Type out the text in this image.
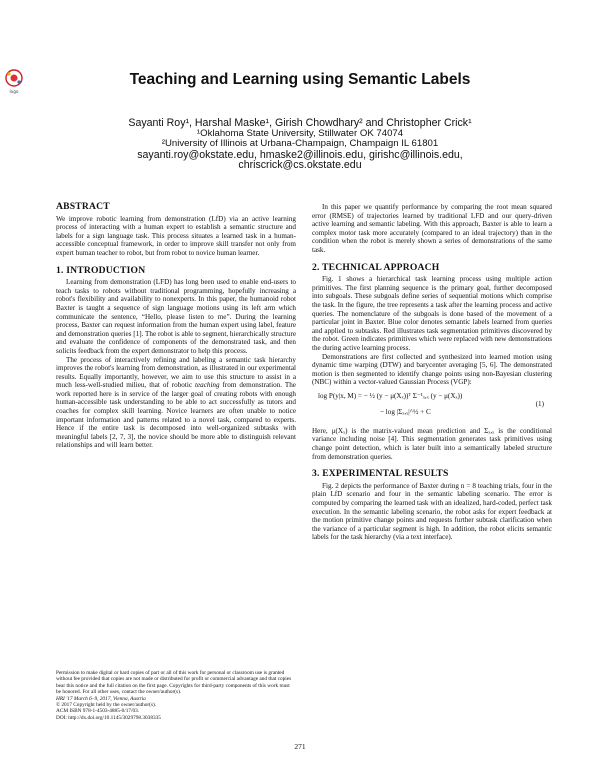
logo
Teaching and Learning using Semantic Labels
Sayanti Roy¹, Harshal Maske¹, Girish Chowdhary² and Christopher Crick¹
¹Oklahoma State University, Stillwater OK 74074
²University of Illinois at Urbana-Champaign, Champaign IL 61801
sayanti.roy@okstate.edu, hmaske2@illinois.edu, girishc@illinois.edu,
chriscrick@cs.okstate.edu
ABSTRACT

We improve robotic learning from demonstration (LfD) via an active learning process of interacting with a human expert to establish a semantic structure and labels for a sign language task. This process situates a learned task in a human-accessible conceptual framework, in order to improve skill transfer not only from expert human teacher to robot, but from robot to novice human learner.

1. INTRODUCTION

Learning from demonstration (LFD) has long been used to enable end-users to teach tasks to robots without traditional programming, hopefully increasing a robot's flexibility and availability to nonexperts. In this paper, the humanoid robot Baxter is taught a sequence of sign language motions using its left arm which communicate the sentence, “Hello, please listen to me”. During the learning process, Baxter can request information from the human expert using label, feature and demonstration queries [1]. The robot is able to segment, hierarchically structure and evaluate the confidence of components of the demonstrated task, and then solicits feedback from the expert demonstrator to help this process.

The process of interactively refining and labeling a semantic task hierarchy improves the robot's learning from demonstration, as illustrated in our experimental results. Equally importantly, however, we aim to use this structure to assist in a much less-well-studied milieu, that of robotic teaching from demonstration. The work reported here is in service of the larger goal of creating robots with enough human-accessible task understanding to be able to act successfully as tutors and coaches for complex skill learning. Novice learners are often unable to notice important information and patterns related to a novel task, compared to experts. Hence if the entire task is decomposed into well-organized subtasks with meaningful labels [2, 7, 3], the novice should be more able to distinguish relevant relationships and will learn better.

Permission to make digital or hard copies of part or all of this work for personal or classroom use is granted without fee provided that copies are not made or distributed for profit or commercial advantage and that copies bear this notice and the full citation on the first page. Copyrights for third-party components of this work must be honored. For all other uses, contact the owner/author(s).

HRI '17 March 6–9, 2017, Vienna, Austria

© 2017 Copyright held by the owner/author(s).

ACM ISBN 978-1-4503-4885-0/17/03.

DOI: http://dx.doi.org/10.1145/3029798.3038335

In this paper we quantify performance by comparing the root mean squared error (RMSE) of trajectories learned by traditional LFD and our query-driven active learning and semantic labeling. With this approach, Baxter is able to learn a complex motor task more accurately (compared to an ideal trajectory) than in the condition when the robot is merely shown a series of demonstrations of the same task.

2. TECHNICAL APPROACH

Fig. 1 shows a hierarchical task learning process using multiple action primitives. The first planning sequence is the primary goal, further decomposed into subgoals. These subgoals define series of sequential motions which comprise the task. In the figure, the tree represents a task after the learning process and active queries. The nomenclature of the subgoals is done based of the movement of a particular joint in Baxter. Blue color denotes semantic labels learned from queries and applied to subtasks. Red illustrates task segmentation primitives discovered by the robot. Green indicates primitives which were replaced with new demonstrations the during active learning process.

Demonstrations are first collected and synthesized into learned motion using dynamic time warping (DTW) and barycenter averaging [5, 6]. The demonstrated motion is then segmented to identify change points using non-Bayesian clustering (NBC) within a vector-valued Gaussian Process (VGP):

log P(y|x, M) = − ½ (y − μ(Xₓ))ᵀ Σ⁻¹ₓ,ₓ (y − μ(Xₓ))
− log |Σₓ,ₓ|^½ + C
(1)

Here, μ(Xₓ) is the matrix-valued mean prediction and Σₓ,ₓ is the conditional variance including noise [4]. This segmentation generates task primitives using change point detection, which is later built into a semantically labeled structure from demonstration queries.

3. EXPERIMENTAL RESULTS

Fig. 2 depicts the performance of Baxter during n = 8 teaching trials, four in the plain LfD scenario and four in the semantic labeling scenario. The error is computed by comparing the learned task with an idealized, hard-coded, perfect task execution. In the semantic labeling scenario, the robot asks for expert feedback at the motion primitive change points and requests further subtask clarification when the variance of a particular segment is high. In addition, the robot elicits semantic labels for the task hierarchy (via a text interface).

271
